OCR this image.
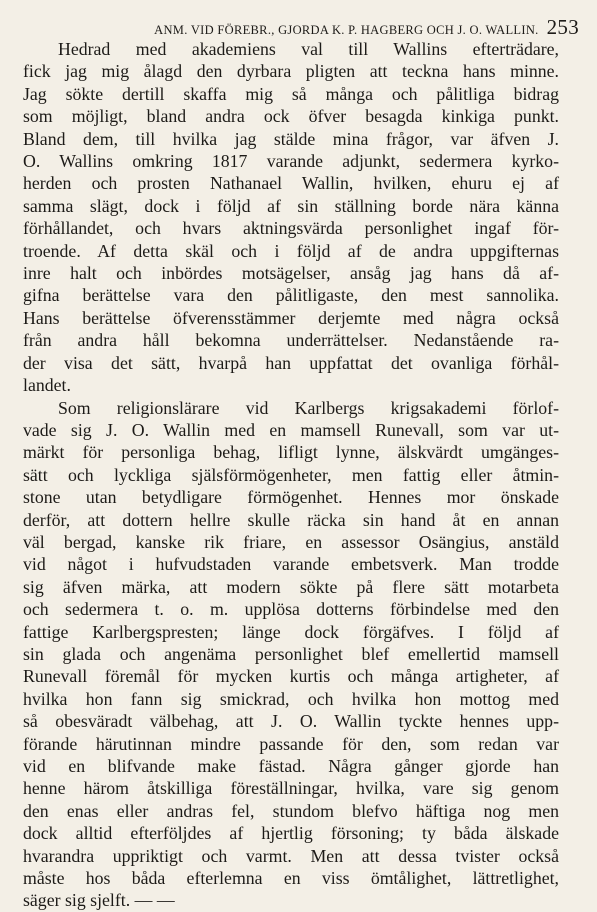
ANM. VID FÖREBR., GJORDA K. P. HAGBERG OCH J. O. WALLIN. 253
Hedrad med akademiens val till Wallins efterträdare,
fick jag mig ålagd den dyrbara pligten att teckna hans minne.
Jag sökte dertill skaffa mig så många och pålitliga bidrag
som möjligt, bland andra ock öfver besagda kinkiga punkt.
Bland dem, till hvilka jag stälde mina frågor, var äfven J.
O. Wallins omkring 1817 varande adjunkt, sedermera kyrko-
herden och prosten Nathanael Wallin, hvilken, ehuru ej af
samma slägt, dock i följd af sin ställning borde nära känna
förhållandet, och hvars aktningsvärda personlighet ingaf för-
troende. Af detta skäl och i följd af de andra uppgifternas
inre halt och inbördes motsägelser, ansåg jag hans då af-
gifna berättelse vara den pålitligaste, den mest sannolika.
Hans berättelse öfverensstämmer derjemte med några också
från andra håll bekomna underrättelser. Nedanstående ra-
der visa det sätt, hvarpå han uppfattat det ovanliga förhål-
landet.
Som religionslärare vid Karlbergs krigsakademi förlof-
vade sig J. O. Wallin med en mamsell Runevall, som var ut-
märkt för personliga behag, lifligt lynne, älskvärdt umgänges-
sätt och lyckliga själsförmögenheter, men fattig eller åtmin-
stone utan betydligare förmögenhet. Hennes mor önskade
derför, att dottern hellre skulle räcka sin hand åt en annan
väl bergad, kanske rik friare, en assessor Osängius, anstäld
vid något i hufvudstaden varande embetsverk. Man trodde
sig äfven märka, att modern sökte på flere sätt motarbeta
och sedermera t. o. m. upplösa dotterns förbindelse med den
fattige Karlbergspresten; länge dock förgäfves. I följd af
sin glada och angenäma personlighet blef emellertid mamsell
Runevall föremål för mycken kurtis och många artigheter, af
hvilka hon fann sig smickrad, och hvilka hon mottog med
så obesväradt välbehag, att J. O. Wallin tyckte hennes upp-
förande härutinnan mindre passande för den, som redan var
vid en blifvande make fästad. Några gånger gjorde han
henne härom åtskilliga föreställningar, hvilka, vare sig genom
den enas eller andras fel, stundom blefvo häftiga nog men
dock alltid efterföljdes af hjertlig försoning; ty båda älskade
hvarandra uppriktigt och varmt. Men att dessa tvister också
måste hos båda efterlemna en viss ömtålighet, lättretlighet,
säger sig sjelft. — —
